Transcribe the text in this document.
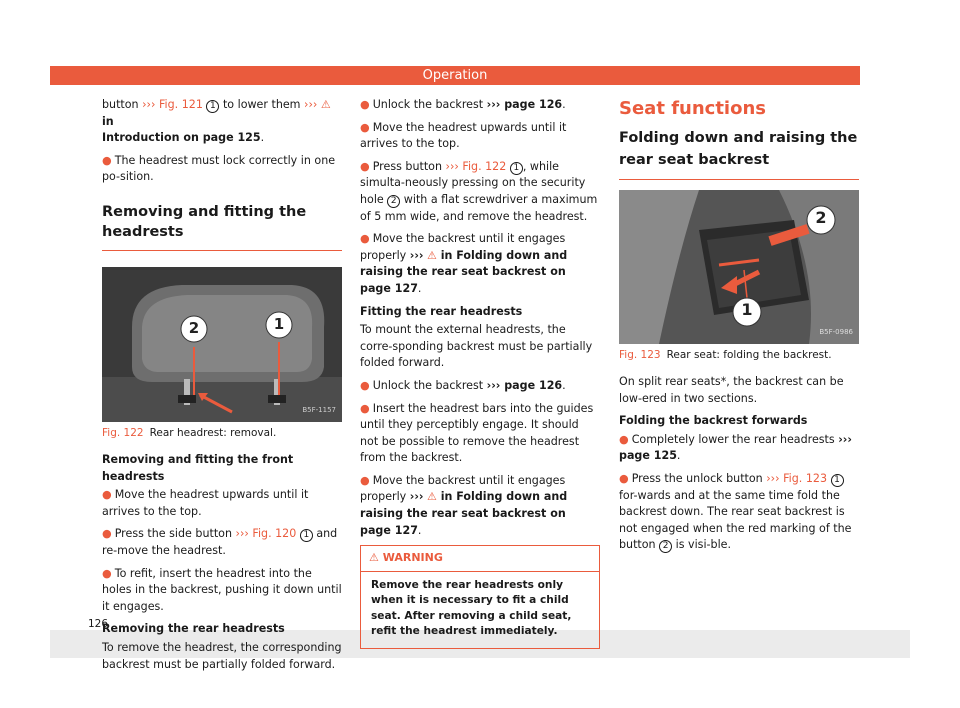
Operation
button ››› Fig. 121 1 to lower them ››› ⚠ in
Introduction on page 125.
● The headrest must lock correctly in one po-sition.
Removing and fitting the headrests
2	1
B5F-1157
Fig. 122 Rear headrest: removal.
Removing and fitting the front headrests
● Move the headrest upwards until it arrives to the top.
● Press the side button ››› Fig. 120 1 and re-move the headrest.
● To refit, insert the headrest into the holes in the backrest, pushing it down until it engages.
Removing the rear headrests
To remove the headrest, the corresponding backrest must be partially folded forward.
● Unlock the backrest ››› page 126.
● Move the headrest upwards until it arrives to the top.
● Press button ››› Fig. 122 1 , while simulta-neously pressing on the security hole 2 with a flat screwdriver a maximum of 5 mm wide, and remove the headrest.
● Move the backrest until it engages properly ››› ⚠ in Folding down and raising the rear seat backrest on page 127.
Fitting the rear headrests
To mount the external headrests, the corre-sponding backrest must be partially folded forward.
● Unlock the backrest ››› page 126.
● Insert the headrest bars into the guides until they perceptibly engage. It should not be possible to remove the headrest from the backrest.
● Move the backrest until it engages properly ››› ⚠ in Folding down and raising the rear seat backrest on page 127.
⚠ WARNING
Remove the rear headrests only when it is necessary to fit a child seat. After removing a child seat, refit the headrest immediately.
Seat functions
Folding down and raising the rear seat backrest
2
1
B5F-0986
Fig. 123 Rear seat: folding the backrest.
On split rear seats*, the backrest can be low-ered in two sections.
Folding the backrest forwards
● Completely lower the rear headrests ››› page 125.
● Press the unlock button ››› Fig. 123 1 for-wards and at the same time fold the backrest down. The rear seat backrest is not engaged when the red marking of the button 2 is visi-ble.
126
